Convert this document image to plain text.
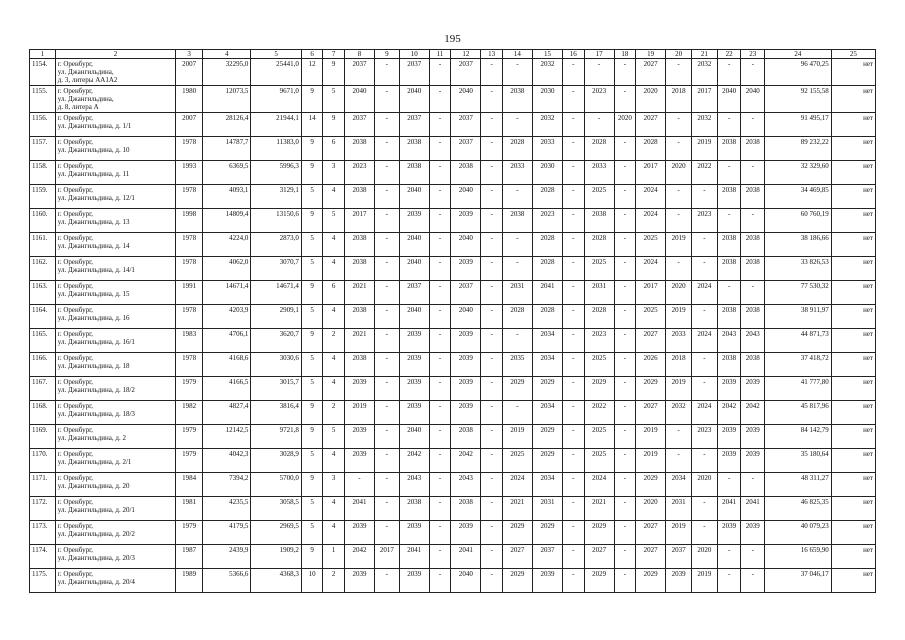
195
1	2	3	4	5	6	7	8	9	10	11	12	13	14	15	16	17	18	19	20	21	22	23	24	25
1154.	г. Оренбург,
ул. Джангильдина,
д. 3, литеры АА1А2	2007	32295,0	25441,0	12	9	2037	-	2037	-	2037	-	-	2032	-	-	-	2027	-	2032	-	-	96 470,25	нет
1155.	г. Оренбург,
ул. Джангильдина,
д. 8, литера А	1980	12073,5	9671,0	9	5	2040	-	2040	-	2040	-	2038	2030	-	2023	-	2020	2018	2017	2040	2040	92 155,58	нет
1156.	г. Оренбург,
ул. Джангильдина, д. 1/1	2007	28126,4	21944,1	14	9	2037	-	2037	-	2037	-	-	2032	-	-	2020	2027	-	2032	-	-	91 495,17	нет
1157.	г. Оренбург,
ул. Джангильдина, д. 10	1978	14787,7	11383,0	9	6	2038	-	2038	-	2037	-	2028	2033	-	2028	-	2028	-	2019	2038	2038	89 232,22	нет
1158.	г. Оренбург,
ул. Джангильдина, д. 11	1993	6369,5	5996,3	9	3	2023	-	2038	-	2038	-	2033	2030	-	2033	-	2017	2020	2022	-	-	32 329,60	нет
1159.	г. Оренбург,
ул. Джангильдина, д. 12/1	1978	4093,1	3129,1	5	4	2038	-	2040	-	2040	-	-	2028	-	2025	-	2024	-	-	2038	2038	34 469,85	нет
1160.	г. Оренбург,
ул. Джангильдина, д. 13	1998	14809,4	13150,6	9	5	2017	-	2039	-	2039	-	2038	2023	-	2038	-	2024	-	2023	-	-	60 760,19	нет
1161.	г. Оренбург,
ул. Джангильдина, д. 14	1978	4224,0	2873,0	5	4	2038	-	2040	-	2040	-	-	2028	-	2028	-	2025	2019	-	2038	2038	38 186,66	нет
1162.	г. Оренбург,
ул. Джангильдина, д. 14/1	1978	4062,0	3070,7	5	4	2038	-	2040	-	2039	-	-	2028	-	2025	-	2024	-	-	2038	2038	33 826,53	нет
1163.	г. Оренбург,
ул. Джангильдина, д. 15	1991	14671,4	14671,4	9	6	2021	-	2037	-	2037	-	2031	2041	-	2031	-	2017	2020	2024	-	-	77 530,32	нет
1164.	г. Оренбург,
ул. Джангильдина, д. 16	1978	4203,9	2909,1	5	4	2038	-	2040	-	2040	-	2028	2028	-	2028	-	2025	2019	-	2038	2038	38 911,97	нет
1165.	г. Оренбург,
ул. Джангильдина, д. 16/1	1983	4706,1	3620,7	9	2	2021	-	2039	-	2039	-	-	2034	-	2023	-	2027	2033	2024	2043	2043	44 871,73	нет
1166.	г. Оренбург,
ул. Джангильдина, д. 18	1978	4168,6	3030,6	5	4	2038	-	2039	-	2039	-	2035	2034	-	2025	-	2026	2018	-	2038	2038	37 418,72	нет
1167.	г. Оренбург,
ул. Джангильдина, д. 18/2	1979	4166,5	3015,7	5	4	2039	-	2039	-	2039	-	2029	2029	-	2029	-	2029	2019	-	2039	2039	41 777,80	нет
1168.	г. Оренбург,
ул. Джангильдина, д. 18/3	1982	4827,4	3816,4	9	2	2019	-	2039	-	2039	-	-	2034	-	2022	-	2027	2032	2024	2042	2042	45 817,96	нет
1169.	г. Оренбург,
ул. Джангильдина, д. 2	1979	12142,5	9721,8	9	5	2039	-	2040	-	2038	-	2019	2029	-	2025	-	2019	-	2023	2039	2039	84 142,79	нет
1170.	г. Оренбург,
ул. Джангильдина, д. 2/1	1979	4042,3	3028,9	5	4	2039	-	2042	-	2042	-	2025	2029	-	2025	-	2019	-	-	2039	2039	35 180,64	нет
1171.	г. Оренбург,
ул. Джангильдина, д. 20	1984	7394,2	5700,0	9	3	-	-	2043	-	2043	-	2024	2034	-	2024	-	2029	2034	2020	-	-	48 311,27	нет
1172.	г. Оренбург,
ул. Джангильдина, д. 20/1	1981	4235,5	3058,5	5	4	2041	-	2038	-	2038	-	2021	2031	-	2021	-	2020	2031	-	2041	2041	46 825,35	нет
1173.	г. Оренбург,
ул. Джангильдина, д. 20/2	1979	4179,5	2969,5	5	4	2039	-	2039	-	2039	-	2029	2029	-	2029	-	2027	2019	-	2039	2039	40 079,23	нет
1174.	г. Оренбург,
ул. Джангильдина, д. 20/3	1987	2439,9	1909,2	9	1	2042	2017	2041	-	2041	-	2027	2037	-	2027	-	2027	2037	2020	-	-	16 659,90	нет
1175.	г. Оренбург,
ул. Джангильдина, д. 20/4	1989	5366,6	4368,3	10	2	2039	-	2039	-	2040	-	2029	2039	-	2029	-	2029	2039	2019	-	-	37 046,17	нет
